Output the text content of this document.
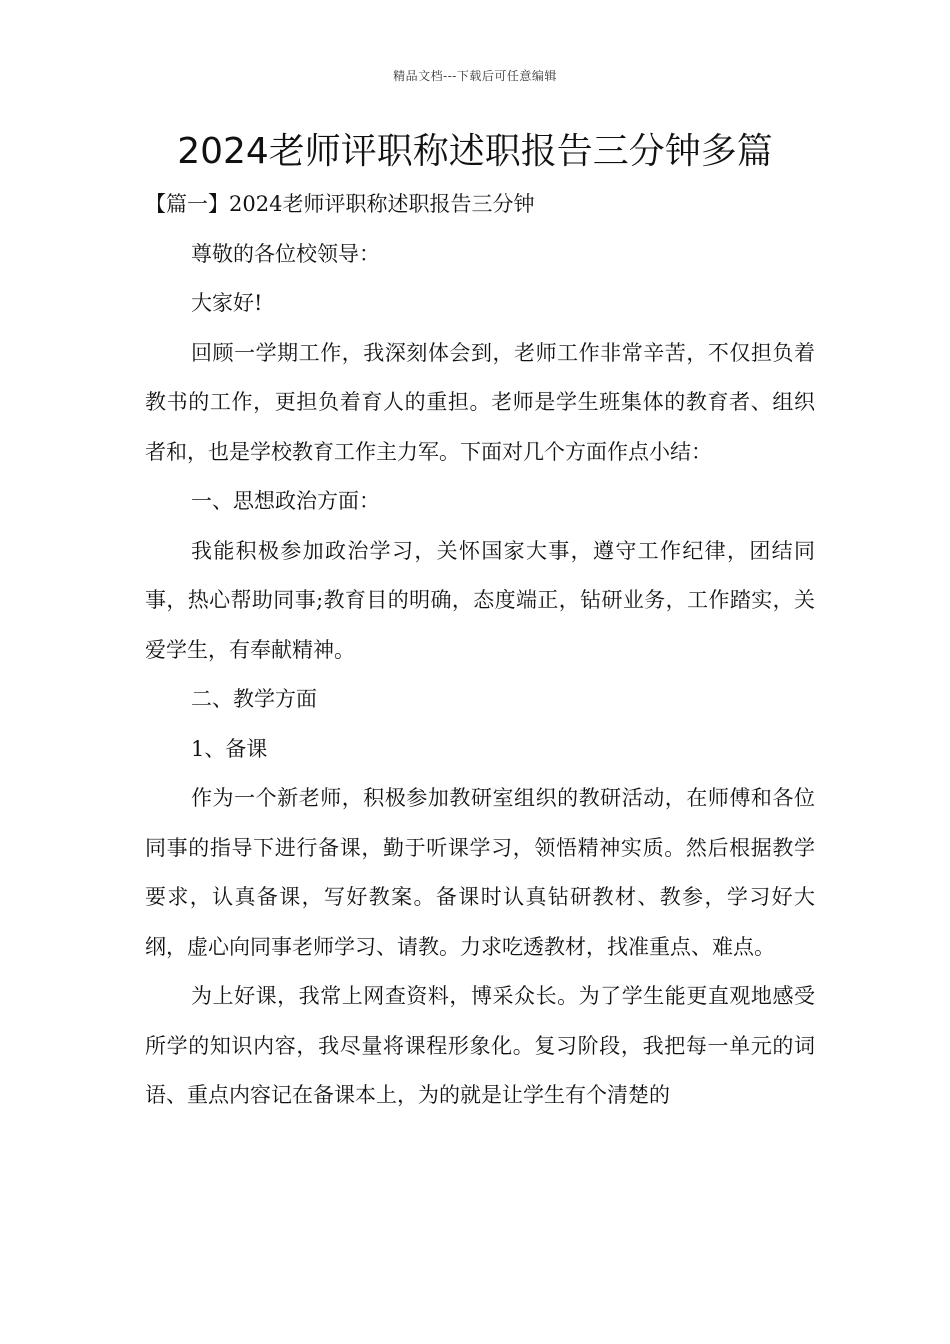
精品文档---下载后可任意编辑
2024老师评职称述职报告三分钟多篇

【篇一】2024老师评职称述职报告三分钟

尊敬的各位校领导：

大家好!

回顾一学期工作，我深刻体会到，老师工作非常辛苦，不仅担负着教书的工作，更担负着育人的重担。老师是学生班集体的教育者、组织者和，也是学校教育工作主力军。下面对几个方面作点小结：

一、思想政治方面：

我能积极参加政治学习，关怀国家大事，遵守工作纪律，团结同事，热心帮助同事;教育目的明确，态度端正，钻研业务，工作踏实，关爱学生，有奉献精神。

二、教学方面

1、备课

作为一个新老师，积极参加教研室组织的教研活动，在师傅和各位同事的指导下进行备课，勤于听课学习，领悟精神实质。然后根据教学要求，认真备课，写好教案。备课时认真钻研教材、教参，学习好大纲，虚心向同事老师学习、请教。力求吃透教材，找准重点、难点。

为上好课，我常上网查资料，博采众长。为了学生能更直观地感受所学的知识内容，我尽量将课程形象化。复习阶段，我把每一单元的词语、重点内容记在备课本上，为的就是让学生有个清楚的
